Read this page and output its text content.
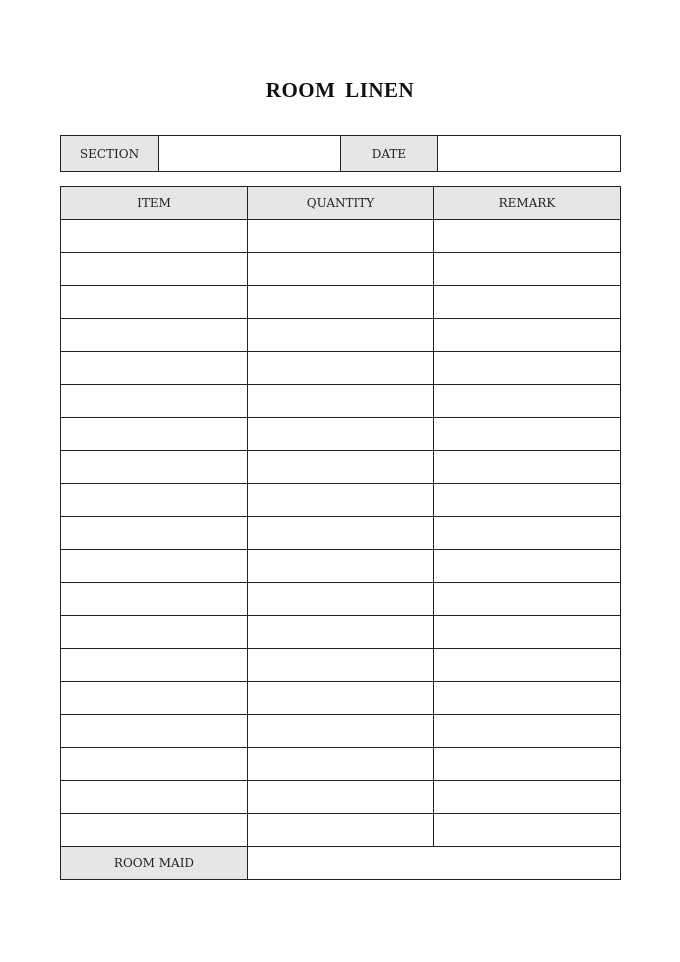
ROOM LINEN
SECTION		DATE	
ITEM	QUANTITY	REMARK

ROOM MAID		
